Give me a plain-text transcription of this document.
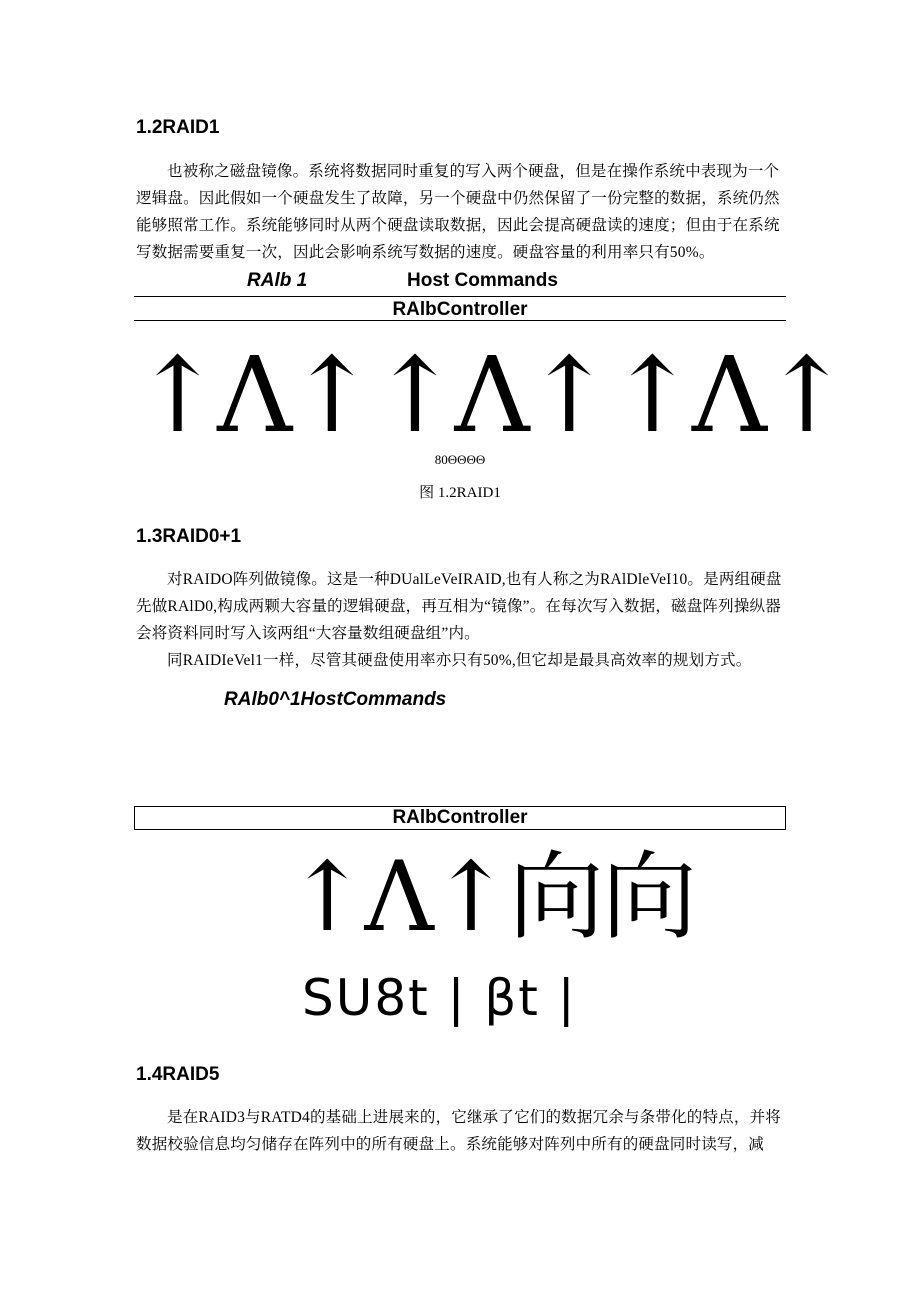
1.2RAID1

也被称之磁盘镜像。系统将数据同时重复的写入两个硬盘，但是在操作系统中表现为一个逻辑盘。因此假如一个硬盘发生了故障，另一个硬盘中仍然保留了一份完整的数据，系统仍然能够照常工作。系统能够同时从两个硬盘读取数据，因此会提高硬盘读的速度；但由于在系统写数据需要重复一次，因此会影响系统写数据的速度。硬盘容量的利用率只有50%。

RAlb 1	Host Commands
RAlbController
↑Λ↑↑Λ↑↑Λ↑
80ΘΘΘΘ
图 1.2RAID1
1.3RAID0+1

对RAIDO阵列做镜像。这是一种DUalLeVeIRAID,也有人称之为RAlDleVeI10。是两组硬盘先做RAlD0,构成两颗大容量的逻辑硬盘，再互相为“镜像”。在每次写入数据，磁盘阵列操纵器会将资料同时写入该两组“大容量数组硬盘组”内。

同RAIDIeVel1一样，尽管其硬盘使用率亦只有50%,但它却是最具高效率的规划方式。

RAlb0^1HostCommands
RAlbController
↑Λ↑向向
SU8t | βt |
1.4RAID5

是在RAID3与RATD4的基础上进展来的，它继承了它们的数据冗余与条带化的特点，并将数据校验信息均匀储存在阵列中的所有硬盘上。系统能够对阵列中所有的硬盘同时读写，减
